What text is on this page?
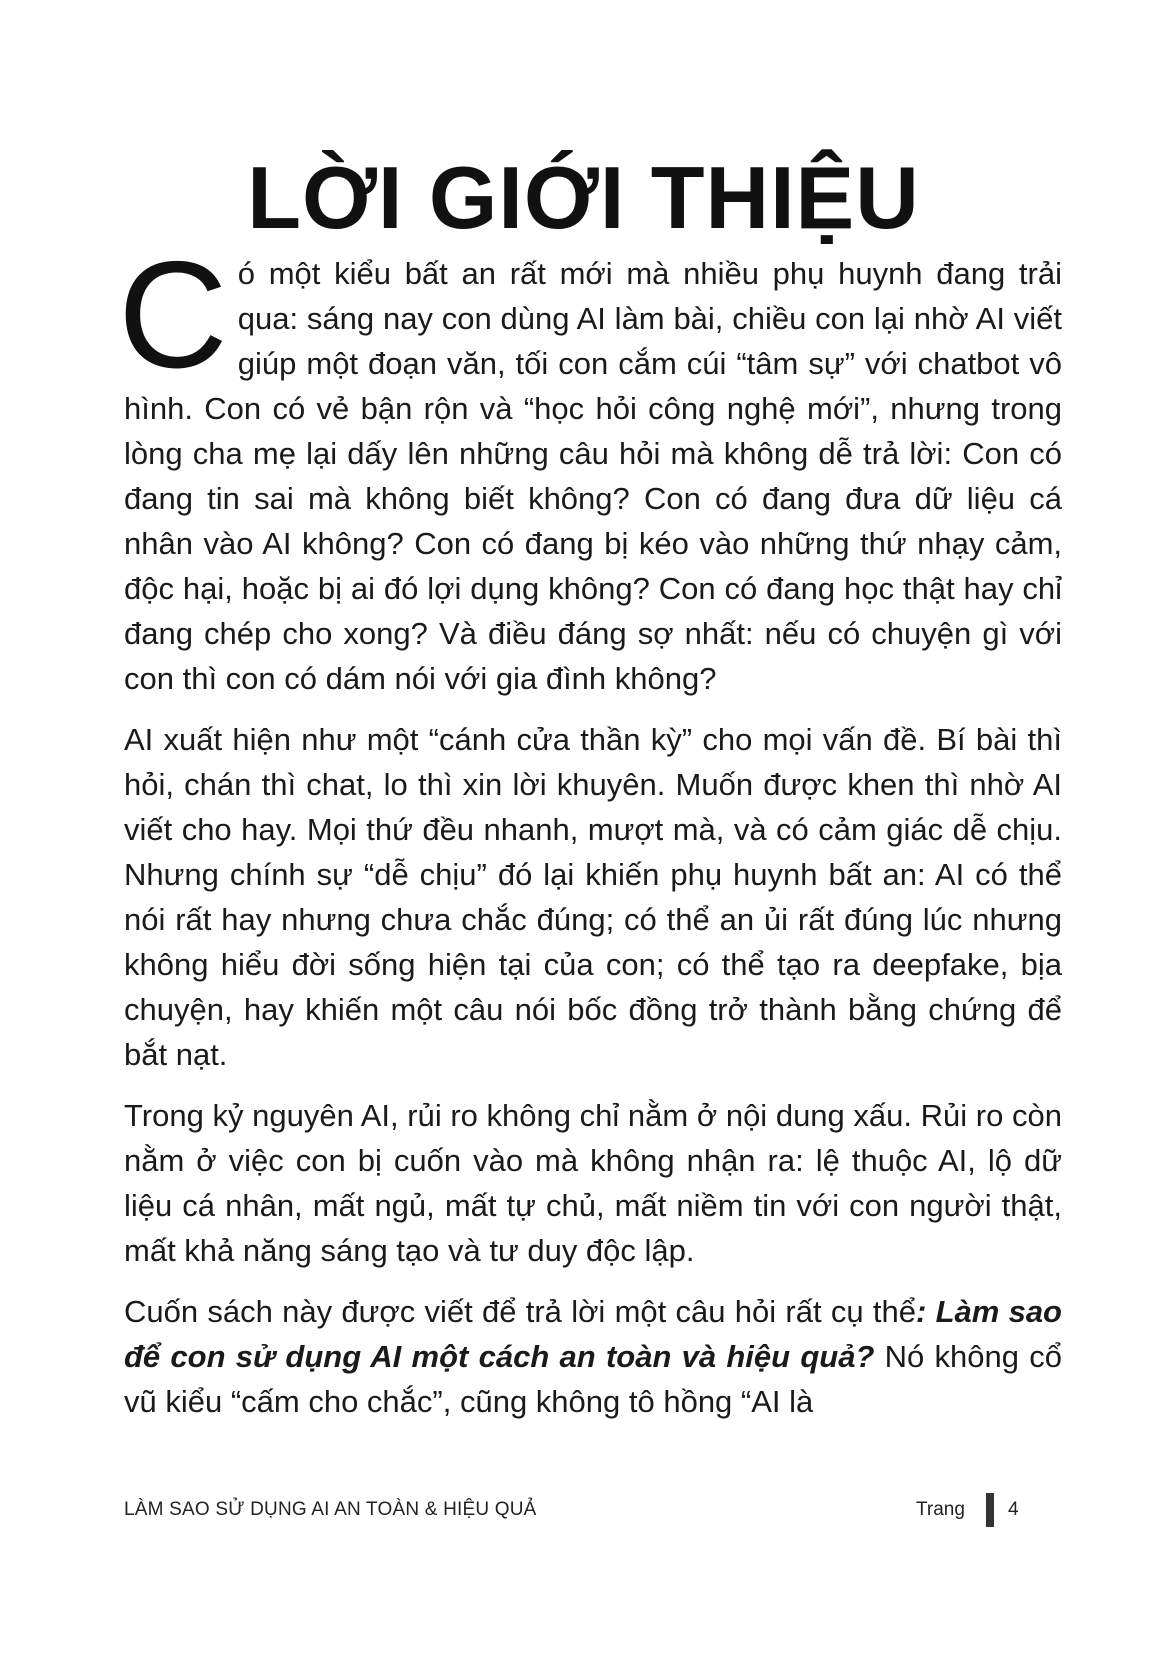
LỜI GIỚI THIỆU

Có một kiểu bất an rất mới mà nhiều phụ huynh đang trải qua: sáng nay con dùng AI làm bài, chiều con lại nhờ AI viết giúp một đoạn văn, tối con cắm cúi “tâm sự” với chatbot vô hình. Con có vẻ bận rộn và “học hỏi công nghệ mới”, nhưng trong lòng cha mẹ lại dấy lên những câu hỏi mà không dễ trả lời: Con có đang tin sai mà không biết không? Con có đang đưa dữ liệu cá nhân vào AI không? Con có đang bị kéo vào những thứ nhạy cảm, độc hại, hoặc bị ai đó lợi dụng không? Con có đang học thật hay chỉ đang chép cho xong? Và điều đáng sợ nhất: nếu có chuyện gì với con thì con có dám nói với gia đình không?

AI xuất hiện như một “cánh cửa thần kỳ” cho mọi vấn đề. Bí bài thì hỏi, chán thì chat, lo thì xin lời khuyên. Muốn được khen thì nhờ AI viết cho hay. Mọi thứ đều nhanh, mượt mà, và có cảm giác dễ chịu. Nhưng chính sự “dễ chịu” đó lại khiến phụ huynh bất an: AI có thể nói rất hay nhưng chưa chắc đúng; có thể an ủi rất đúng lúc nhưng không hiểu đời sống hiện tại của con; có thể tạo ra deepfake, bịa chuyện, hay khiến một câu nói bốc đồng trở thành bằng chứng để bắt nạt.

Trong kỷ nguyên AI, rủi ro không chỉ nằm ở nội dung xấu. Rủi ro còn nằm ở việc con bị cuốn vào mà không nhận ra: lệ thuộc AI, lộ dữ liệu cá nhân, mất ngủ, mất tự chủ, mất niềm tin với con người thật, mất khả năng sáng tạo và tư duy độc lập.

Cuốn sách này được viết để trả lời một câu hỏi rất cụ thể: Làm sao để con sử dụng AI một cách an toàn và hiệu quả? Nó không cổ vũ kiểu “cấm cho chắc”, cũng không tô hồng “AI là

LÀM SAO SỬ DỤNG AI AN TOÀN & HIỆU QUẢ	Trang 4
